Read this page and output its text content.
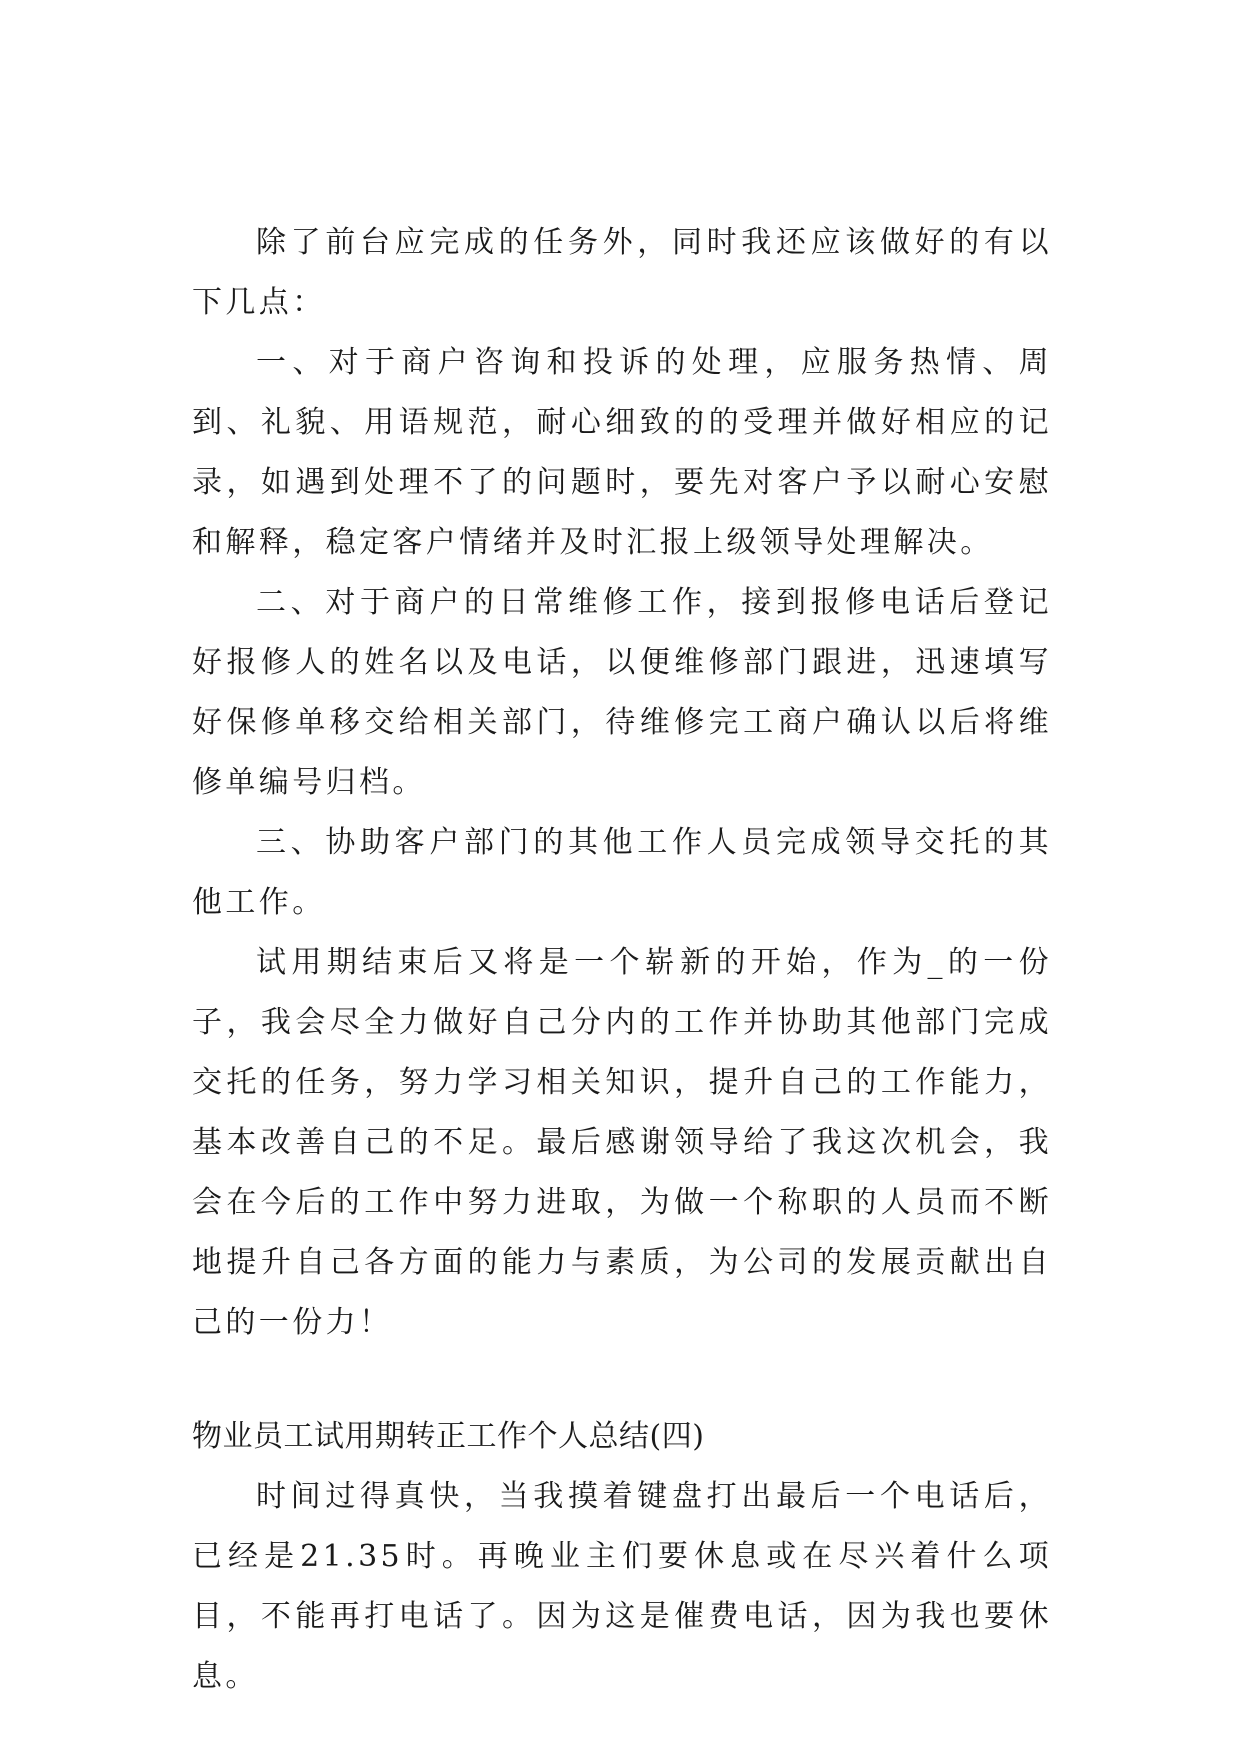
除了前台应完成的任务外，同时我还应该做好的有以下几点：

一、对于商户咨询和投诉的处理，应服务热情、周到、礼貌、用语规范，耐心细致的的受理并做好相应的记录，如遇到处理不了的问题时，要先对客户予以耐心安慰和解释，稳定客户情绪并及时汇报上级领导处理解决。

二、对于商户的日常维修工作，接到报修电话后登记好报修人的姓名以及电话，以便维修部门跟进，迅速填写好保修单移交给相关部门，待维修完工商户确认以后将维修单编号归档。

三、协助客户部门的其他工作人员完成领导交托的其他工作。

试用期结束后又将是一个崭新的开始，作为_的一份子，我会尽全力做好自己分内的工作并协助其他部门完成交托的任务，努力学习相关知识，提升自己的工作能力，基本改善自己的不足。最后感谢领导给了我这次机会，我会在今后的工作中努力进取，为做一个称职的人员而不断地提升自己各方面的能力与素质，为公司的发展贡献出自己的一份力！

物业员工试用期转正工作个人总结(四)

时间过得真快，当我摸着键盘打出最后一个电话后，已经是21.35时。再晚业主们要休息或在尽兴着什么项目，不能再打电话了。因为这是催费电话，因为我也要休息。
